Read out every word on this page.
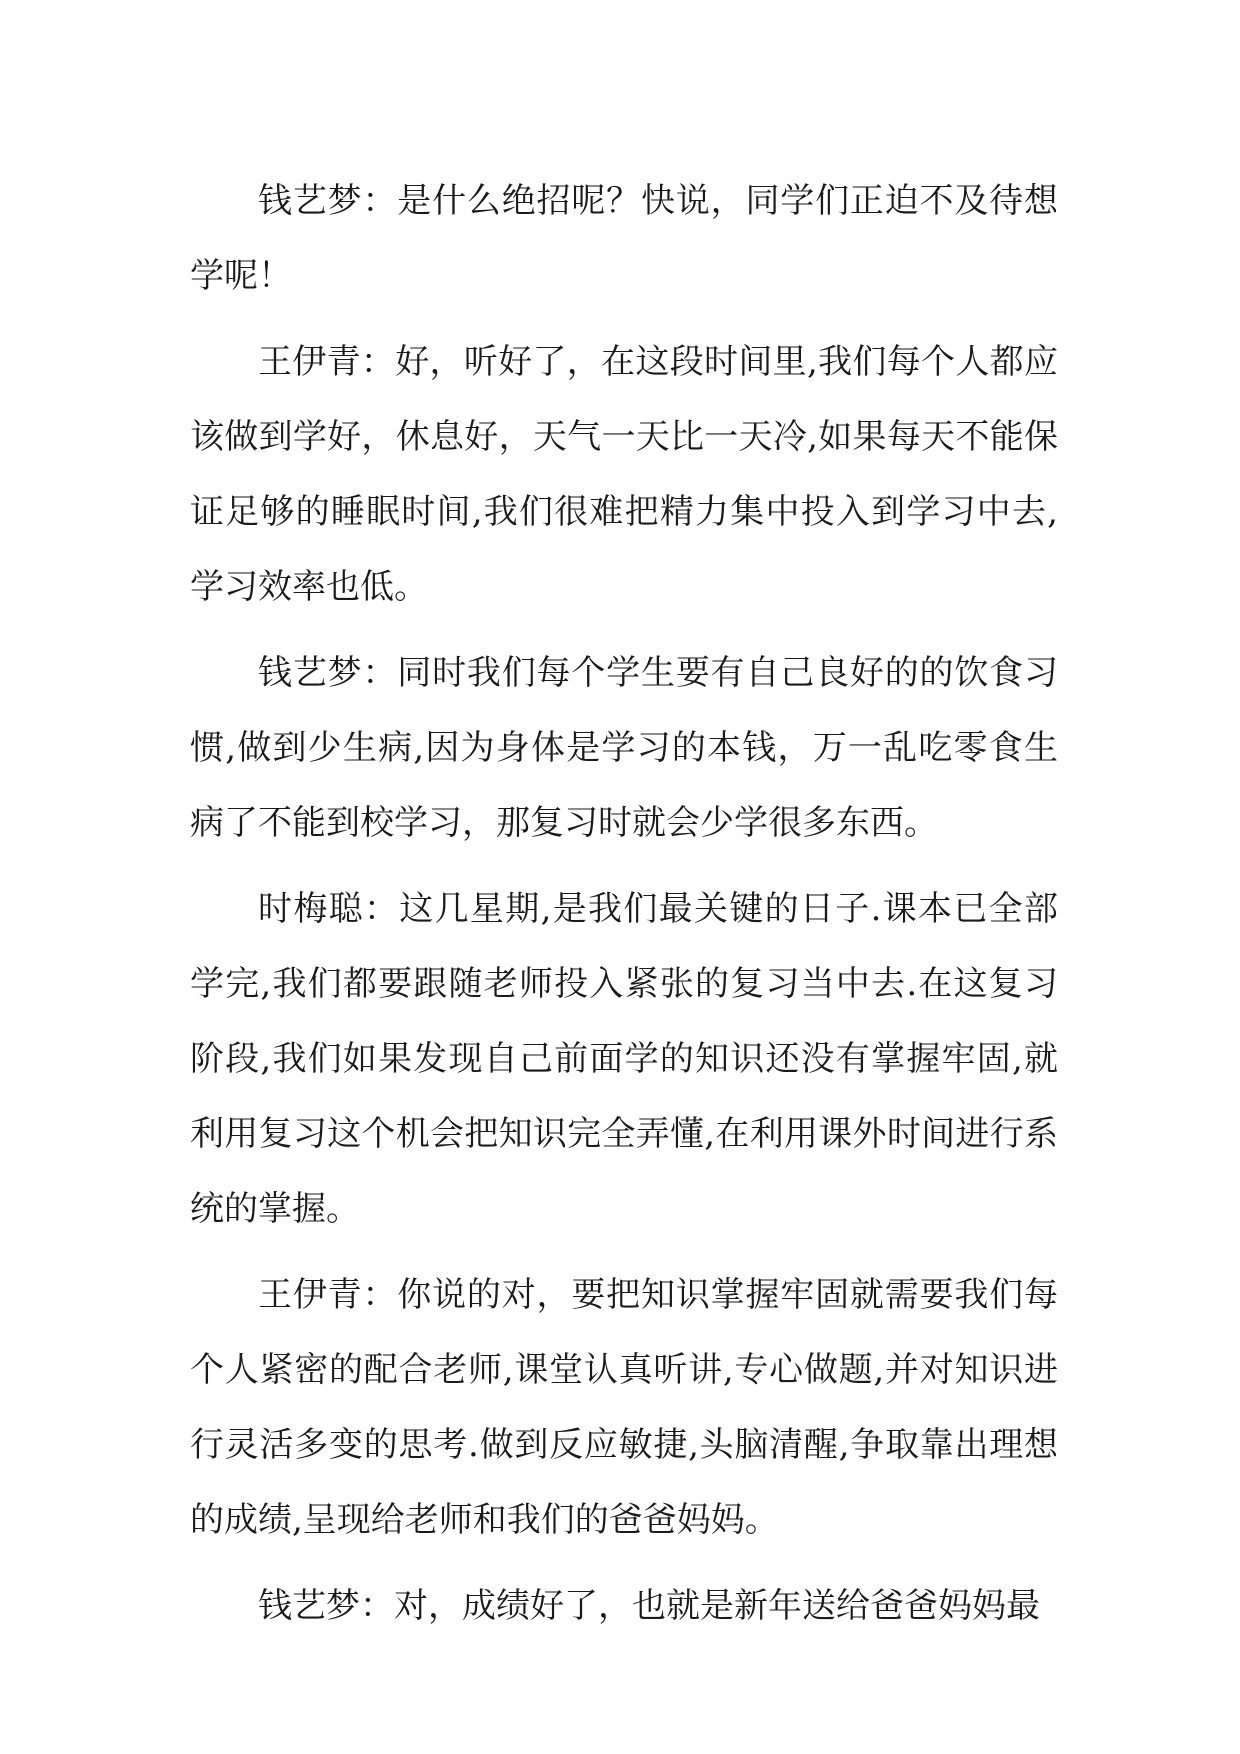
钱艺梦：是什么绝招呢？快说，同学们正迫不及待想学呢！

王伊青：好，听好了，在这段时间里,我们每个人都应该做到学好，休息好，天气一天比一天冷,如果每天不能保证足够的睡眠时间,我们很难把精力集中投入到学习中去,学习效率也低。

钱艺梦：同时我们每个学生要有自己良好的的饮食习惯,做到少生病,因为身体是学习的本钱，万一乱吃零食生病了不能到校学习，那复习时就会少学很多东西。

时梅聪：这几星期,是我们最关键的日子.课本已全部学完,我们都要跟随老师投入紧张的复习当中去.在这复习阶段,我们如果发现自己前面学的知识还没有掌握牢固,就利用复习这个机会把知识完全弄懂,在利用课外时间进行系统的掌握。

王伊青：你说的对，要把知识掌握牢固就需要我们每个人紧密的配合老师,课堂认真听讲,专心做题,并对知识进行灵活多变的思考.做到反应敏捷,头脑清醒,争取靠出理想的成绩,呈现给老师和我们的爸爸妈妈。

钱艺梦：对，成绩好了，也就是新年送给爸爸妈妈最
